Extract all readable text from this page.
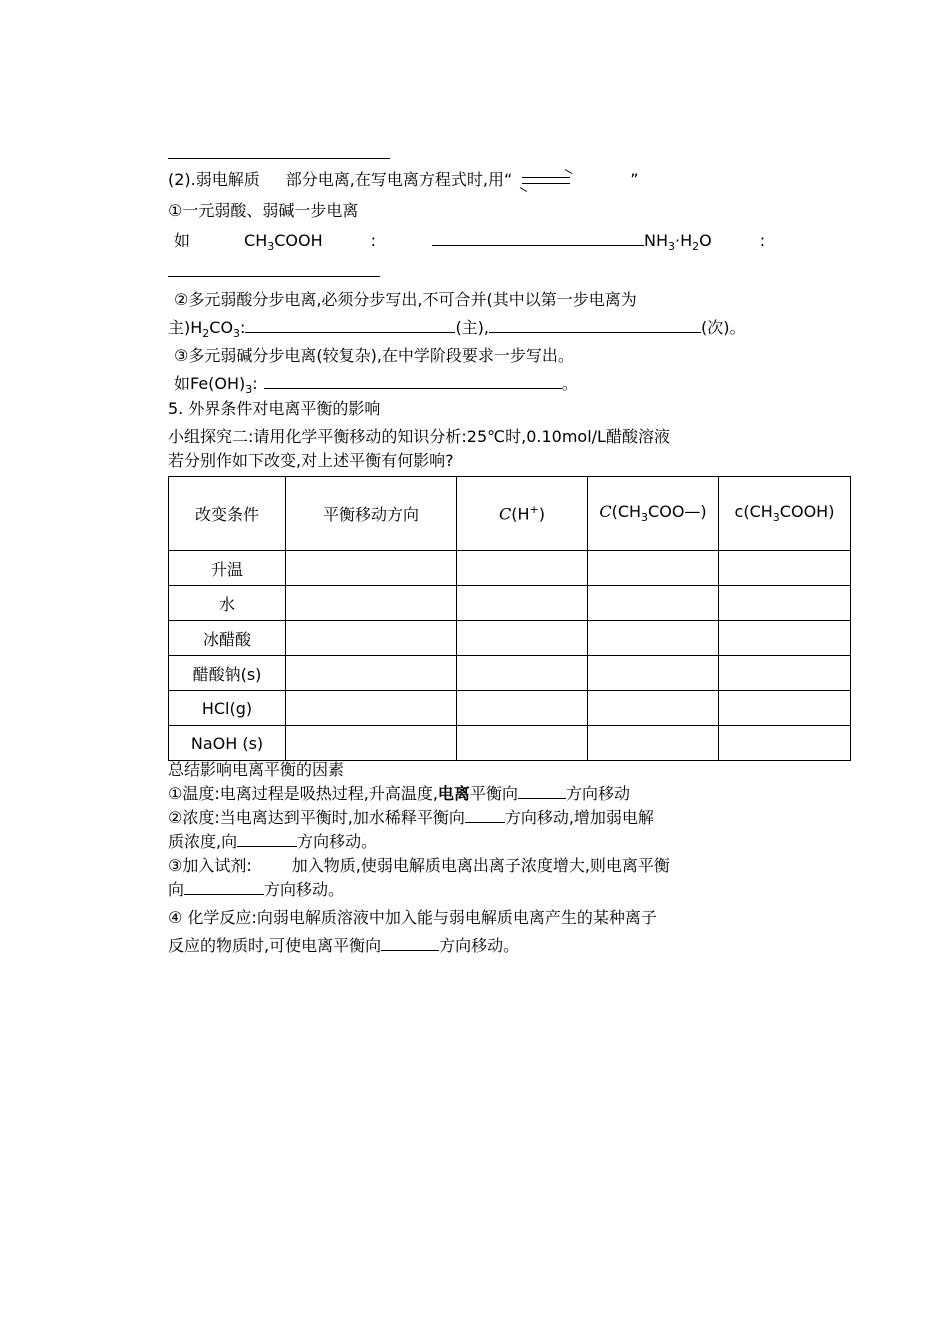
(2).弱电解质 部分电离,在写电离方程式时,用“	”
①一元弱酸、弱碱一步电离
如	$CH_3COOH$	:	$NH_3\cdot H_2O$	:
②多元弱酸分步电离,必须分步写出,不可合并(其中以第一步电离为
主)$H_2CO_3$:	(主),	(次)。
③多元弱碱分步电离(较复杂),在中学阶段要求一步写出。
如$Fe(OH)_3$:	。
5. 外界条件对电离平衡的影响
小组探究二:请用化学平衡移动的知识分析:25℃时,0.10mol/L醋酸溶液
若分别作如下改变,对上述平衡有何影响?
改变条件	平衡移动方向	C(H+)	$C(CH_3COO—)$	$c(CH_3COOH)$
升温				
水				
冰醋酸				
醋酸钠(s)				
HCl(g)				
NaOH (s)				
总结影响电离平衡的因素
①温度:电离过程是吸热过程,升高温度,电离平衡向	方向移动
②浓度:当电离达到平衡时,加水稀释平衡向	方向移动,增加弱电解
质浓度,向	方向移动。
③加入试剂:	加入物质,使弱电解质电离出离子浓度增大,则电离平衡
向	方向移动。
④ 化学反应:向弱电解质溶液中加入能与弱电解质电离产生的某种离子
反应的物质时,可使电离平衡向	方向移动。
